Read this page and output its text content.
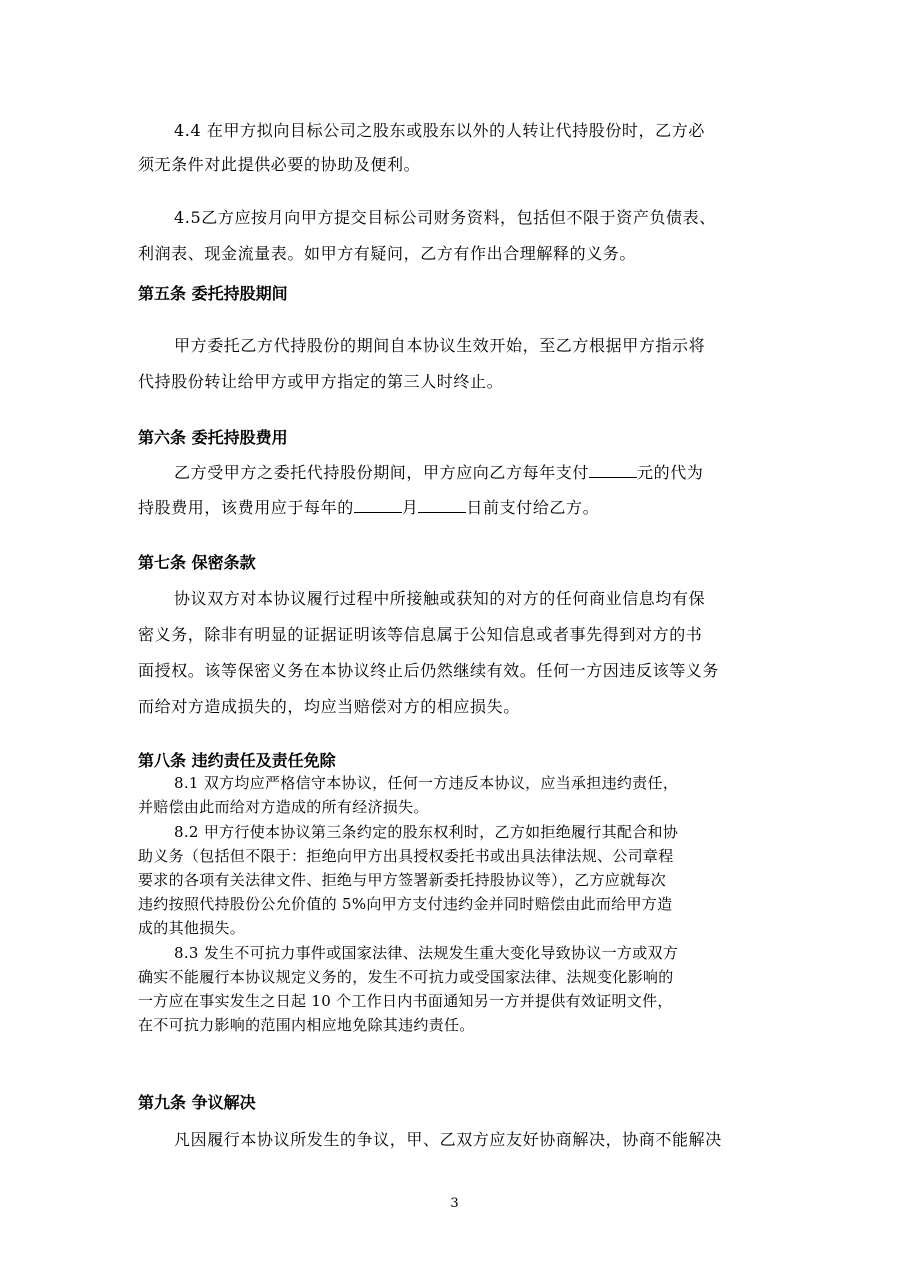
4.4 在甲方拟向目标公司之股东或股东以外的人转让代持股份时，乙方必
须无条件对此提供必要的协助及便利。
4.5乙方应按月向甲方提交目标公司财务资料，包括但不限于资产负债表、
利润表、现金流量表。如甲方有疑问，乙方有作出合理解释的义务。
第五条 委托持股期间
甲方委托乙方代持股份的期间自本协议生效开始，至乙方根据甲方指示将
代持股份转让给甲方或甲方指定的第三人时终止。
第六条 委托持股费用
乙方受甲方之委托代持股份期间，甲方应向乙方每年支付	元的代为
持股费用，该费用应于每年的	月	日前支付给乙方。
第七条 保密条款
协议双方对本协议履行过程中所接触或获知的对方的任何商业信息均有保
密义务，除非有明显的证据证明该等信息属于公知信息或者事先得到对方的书
面授权。该等保密义务在本协议终止后仍然继续有效。任何一方因违反该等义务
而给对方造成损失的，均应当赔偿对方的相应损失。
第八条 违约责任及责任免除
8.1 双方均应严格信守本协议，任何一方违反本协议，应当承担违约责任，
并赔偿由此而给对方造成的所有经济损失。
8.2 甲方行使本协议第三条约定的股东权利时，乙方如拒绝履行其配合和协
助义务（包括但不限于：拒绝向甲方出具授权委托书或出具法律法规、公司章程
要求的各项有关法律文件、拒绝与甲方签署新委托持股协议等），乙方应就每次
违约按照代持股份公允价值的 5%向甲方支付违约金并同时赔偿由此而给甲方造
成的其他损失。
8.3 发生不可抗力事件或国家法律、法规发生重大变化导致协议一方或双方
确实不能履行本协议规定义务的，发生不可抗力或受国家法律、法规变化影响的
一方应在事实发生之日起 10 个工作日内书面通知另一方并提供有效证明文件，
在不可抗力影响的范围内相应地免除其违约责任。
第九条 争议解决
凡因履行本协议所发生的争议，甲、乙双方应友好协商解决，协商不能解决
3
